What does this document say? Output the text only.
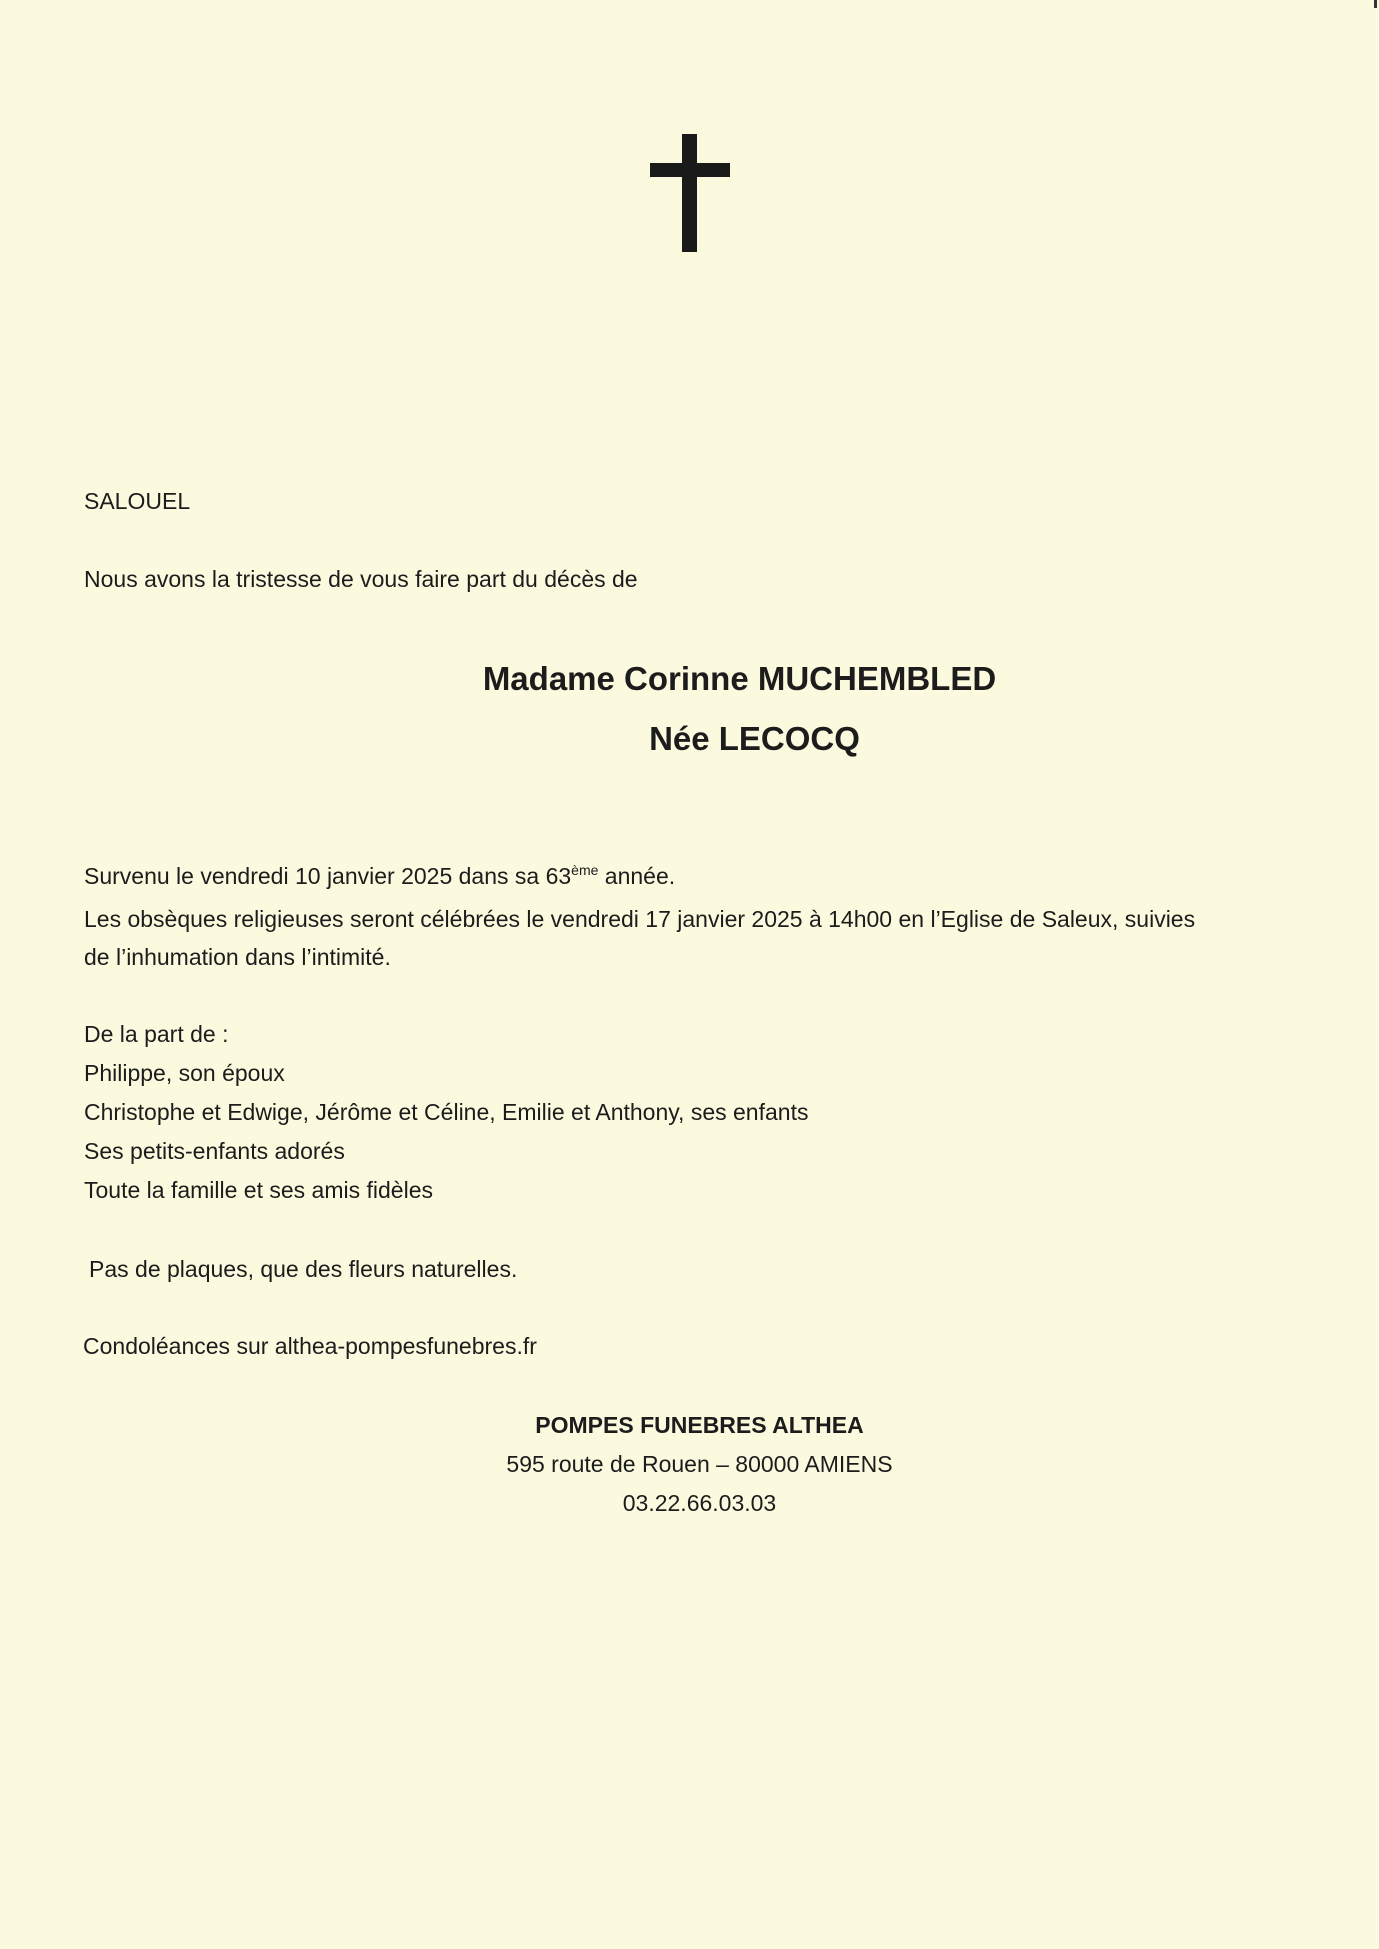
SALOUEL

Nous avons la tristesse de vous faire part du décès de

Madame Corinne MUCHEMBLED

Née LECOCQ

Survenu le vendredi 10 janvier 2025 dans sa 63ème année.

Les obsèques religieuses seront célébrées le vendredi 17 janvier 2025 à 14h00 en l’Eglise de Saleux, suivies

de l’inhumation dans l’intimité.

De la part de :

Philippe, son époux

Christophe et Edwige, Jérôme et Céline, Emilie et Anthony, ses enfants

Ses petits-enfants adorés

Toute la famille et ses amis fidèles

Pas de plaques, que des fleurs naturelles.

Condoléances sur althea-pompesfunebres.fr

POMPES FUNEBRES ALTHEA

595 route de Rouen – 80000 AMIENS

03.22.66.03.03
